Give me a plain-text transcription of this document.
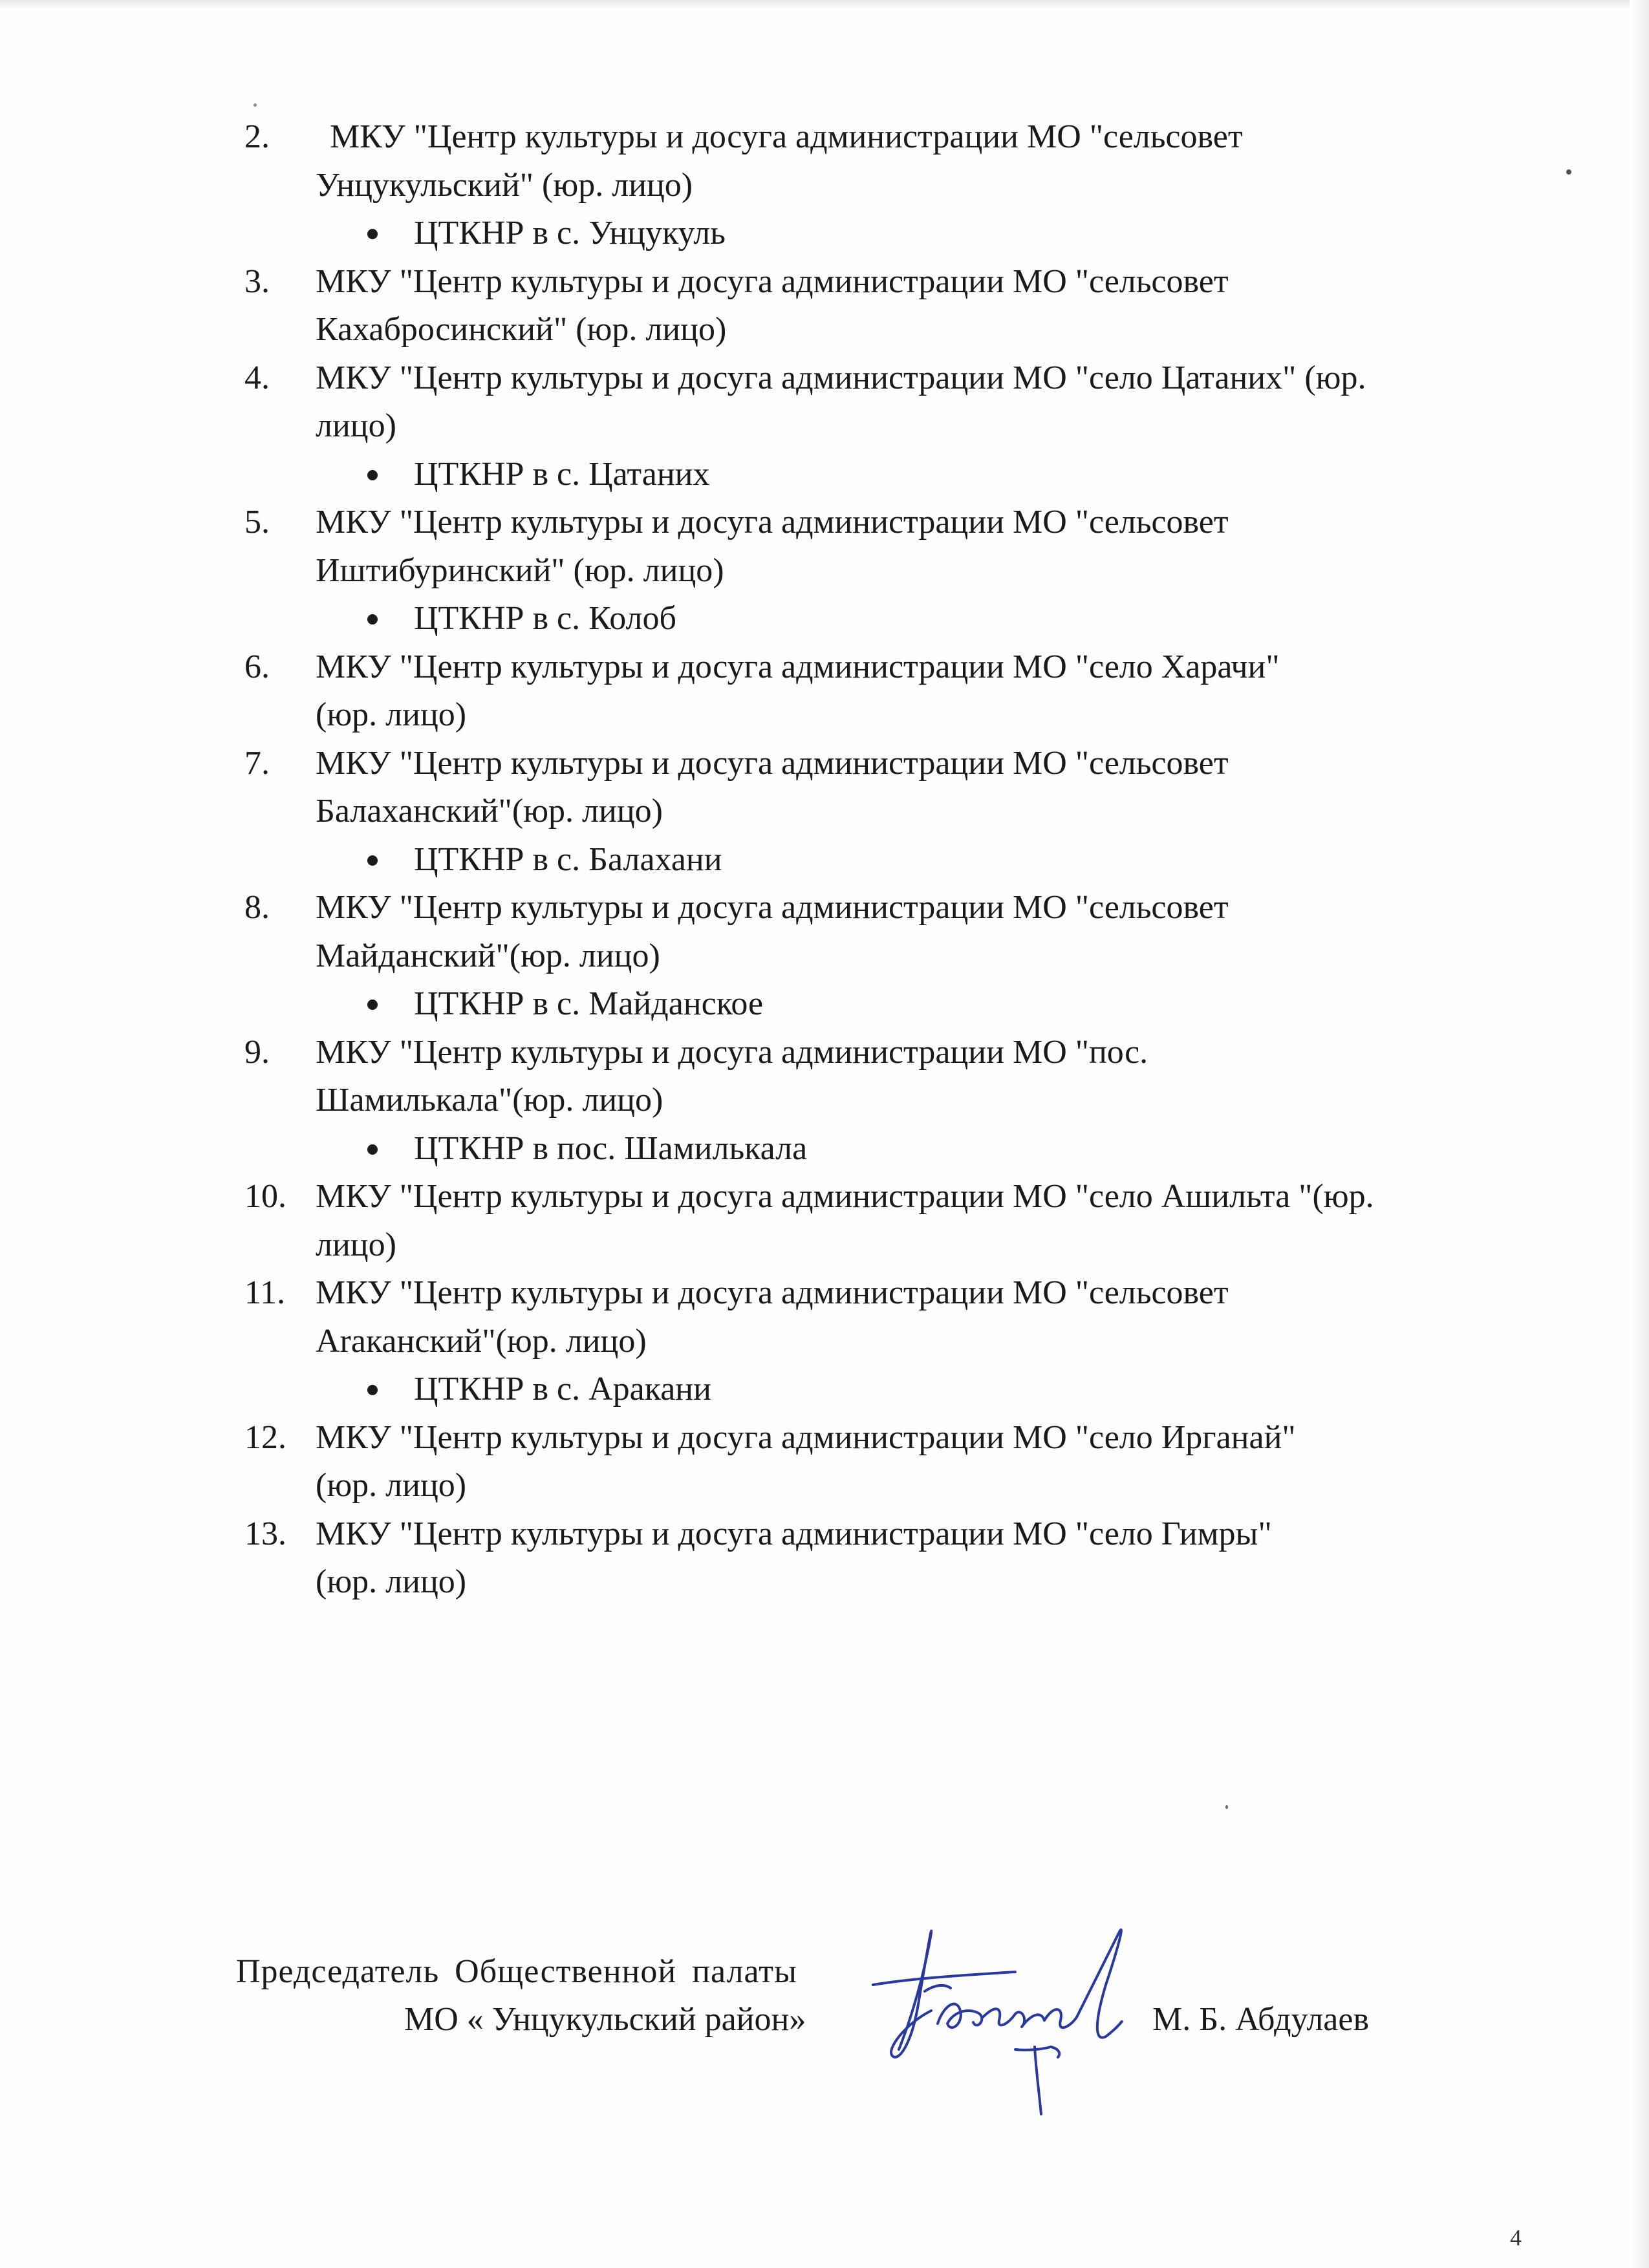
2.	МКУ "Центр культуры и досуга администрации МО "сельсовет
Унцукульский" (юр. лицо)
ЦТКНР в с. Унцукуль
3. МКУ "Центр культуры и досуга администрации МО "сельсовет
Кахабросинский" (юр. лицо)
4. МКУ "Центр культуры и досуга администрации МО "село Цатаних" (юр.
лицо)
ЦТКНР в с. Цатаних
5. МКУ "Центр культуры и досуга администрации МО "сельсовет
Иштибуринский" (юр. лицо)
ЦТКНР в с. Колоб
6. МКУ "Центр культуры и досуга администрации МО "село Харачи"
(юр. лицо)
7. МКУ "Центр культуры и досуга администрации МО "сельсовет
Балаханский"(юр. лицо)
ЦТКНР в с. Балахани
8. МКУ "Центр культуры и досуга администрации МО "сельсовет
Майданский"(юр. лицо)
ЦТКНР в с. Майданское
9. МКУ "Центр культуры и досуга администрации МО "пос.
Шамилькала"(юр. лицо)
ЦТКНР в пос. Шамилькала
10. МКУ "Центр культуры и досуга администрации МО "село Ашильта "(юр.
лицо)
11. МКУ "Центр культуры и досуга администрации МО "сельсовет
Araканский"(юр. лицо)
ЦТКНР в с. Аракани
12. МКУ "Центр культуры и досуга администрации МО "село Ирганай"
(юр. лицо)
13. МКУ "Центр культуры и досуга администрации МО "село Гимры"
(юр. лицо)
Председатель Общественной палаты
МО « Унцукульский район»	М. Б. Абдулаев
4
